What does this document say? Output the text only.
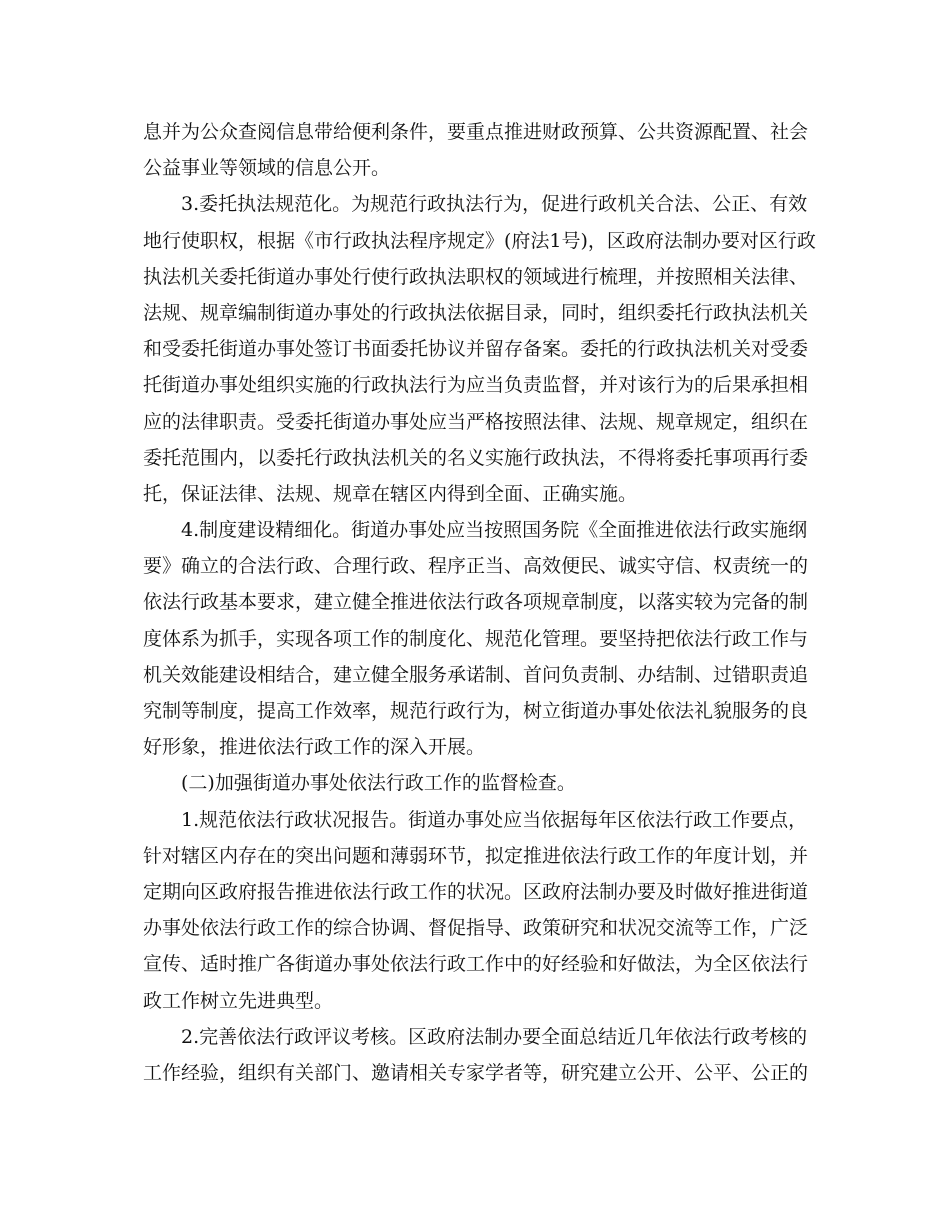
息并为公众查阅信息带给便利条件，要重点推进财政预算、公共资源配置、社会
公益事业等领域的信息公开。
3.委托执法规范化。为规范行政执法行为，促进行政机关合法、公正、有效
地行使职权，根据《市行政执法程序规定》(府法1号)，区政府法制办要对区行政
执法机关委托街道办事处行使行政执法职权的领域进行梳理，并按照相关法律、
法规、规章编制街道办事处的行政执法依据目录，同时，组织委托行政执法机关
和受委托街道办事处签订书面委托协议并留存备案。委托的行政执法机关对受委
托街道办事处组织实施的行政执法行为应当负责监督，并对该行为的后果承担相
应的法律职责。受委托街道办事处应当严格按照法律、法规、规章规定，组织在
委托范围内，以委托行政执法机关的名义实施行政执法，不得将委托事项再行委
托，保证法律、法规、规章在辖区内得到全面、正确实施。
4.制度建设精细化。街道办事处应当按照国务院《全面推进依法行政实施纲
要》确立的合法行政、合理行政、程序正当、高效便民、诚实守信、权责统一的
依法行政基本要求，建立健全推进依法行政各项规章制度，以落实较为完备的制
度体系为抓手，实现各项工作的制度化、规范化管理。要坚持把依法行政工作与
机关效能建设相结合，建立健全服务承诺制、首问负责制、办结制、过错职责追
究制等制度，提高工作效率，规范行政行为，树立街道办事处依法礼貌服务的良
好形象，推进依法行政工作的深入开展。
(二)加强街道办事处依法行政工作的监督检查。
1.规范依法行政状况报告。街道办事处应当依据每年区依法行政工作要点，
针对辖区内存在的突出问题和薄弱环节，拟定推进依法行政工作的年度计划，并
定期向区政府报告推进依法行政工作的状况。区政府法制办要及时做好推进街道
办事处依法行政工作的综合协调、督促指导、政策研究和状况交流等工作，广泛
宣传、适时推广各街道办事处依法行政工作中的好经验和好做法，为全区依法行
政工作树立先进典型。
2.完善依法行政评议考核。区政府法制办要全面总结近几年依法行政考核的
工作经验，组织有关部门、邀请相关专家学者等，研究建立公开、公平、公正的
